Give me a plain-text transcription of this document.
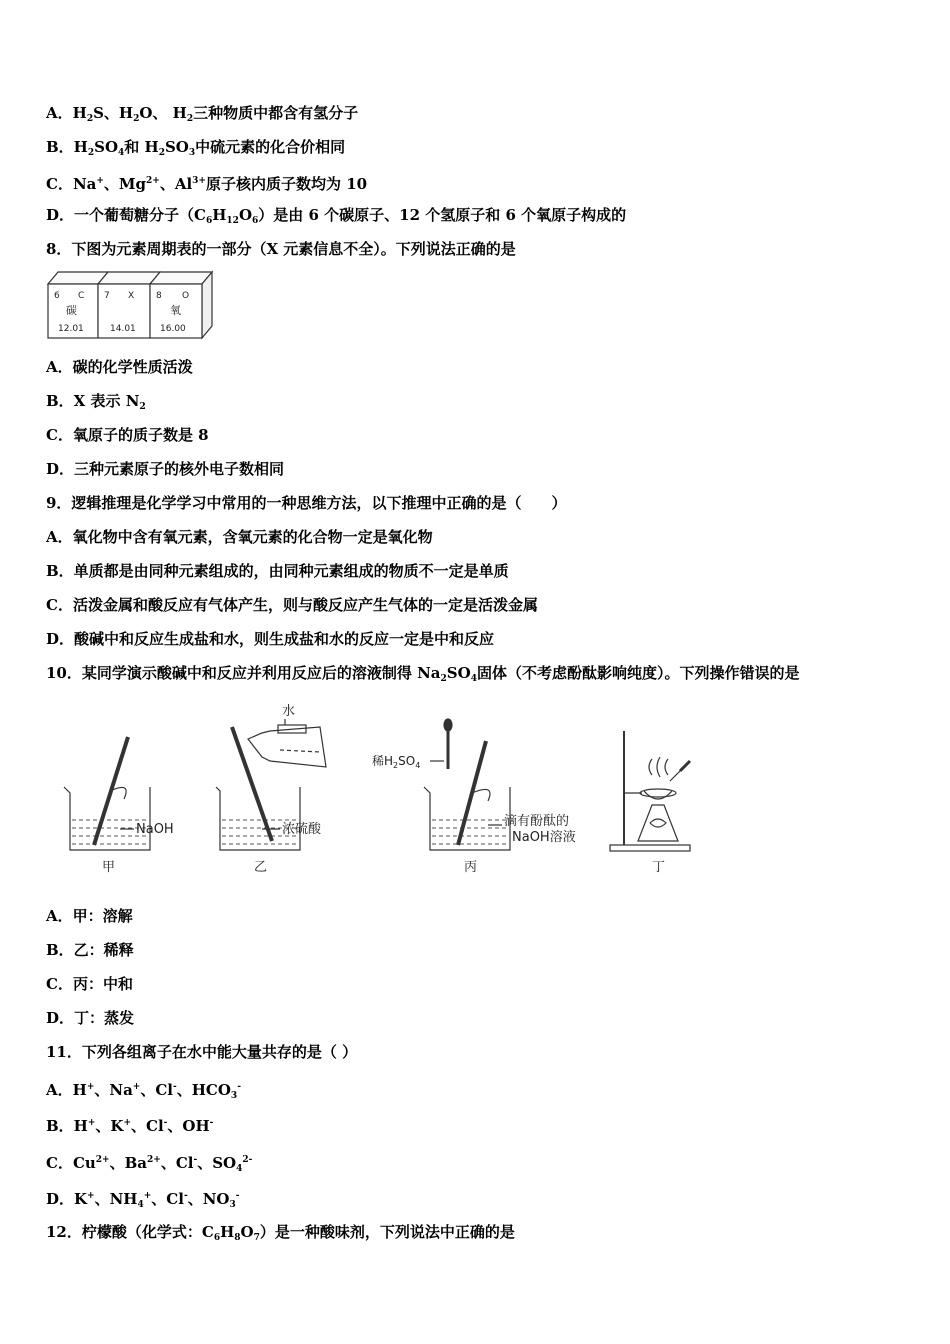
A．$H_2S$、$H_2O$、 $H_2$三种物质中都含有氢分子
B．$H_2SO_4$和 $H_2SO_3$中硫元素的化合价相同
C．Na+、$Mg^{2+}$、$Al^{3+}$原子核内质子数均为 10
D．一个葡萄糖分子$(C_6H_{12}O_6)$是由 6 个碳原子、12 个氢原子和 6 个氧原子构成的
8．下图为元素周期表的一部分（X 元素信息不全）。下列说法正确的是
6 C
碳
12.01
7 X
14.01
8 O
氧
16.00
A．碳的化学性质活泼
B．X 表示 $N_2$
C．氧原子的质子数是 8
D．三种元素原子的核外电子数相同
9．逻辑推理是化学学习中常用的一种思维方法，以下推理中正确的是（　　）
A．氧化物中含有氧元素，含氧元素的化合物一定是氧化物
B．单质都是由同种元素组成的，由同种元素组成的物质不一定是单质
C．活泼金属和酸反应有气体产生，则与酸反应产生气体的一定是活泼金属
D．酸碱中和反应生成盐和水，则生成盐和水的反应一定是中和反应
10．某同学演示酸碱中和反应并利用反应后的溶液制得 $Na_2SO_4$固体（不考虑酚酞影响纯度）。下列操作错误的是
NaOH
甲
水
浓硫酸
乙
稀$H_2SO_4$
滴有酚酞的
NaOH溶液
丙	丁
A．甲：溶解
B．乙：稀释
C．丙：中和
D．丁：蒸发
11．下列各组离子在水中能大量共存的是（ ）
A．H+、Na+、Cl-、$HCO_3^-$
B．H+、K+、Cl-、OH-
C．$Cu^{2+}$、$Ba^{2+}$、Cl-、$SO_4^{2-}$
D．K+、$NH_4^+$、Cl-、$NO_3^-$
12．柠檬酸（化学式：$C_6H_8O_7$）是一种酸味剂，下列说法中正确的是
